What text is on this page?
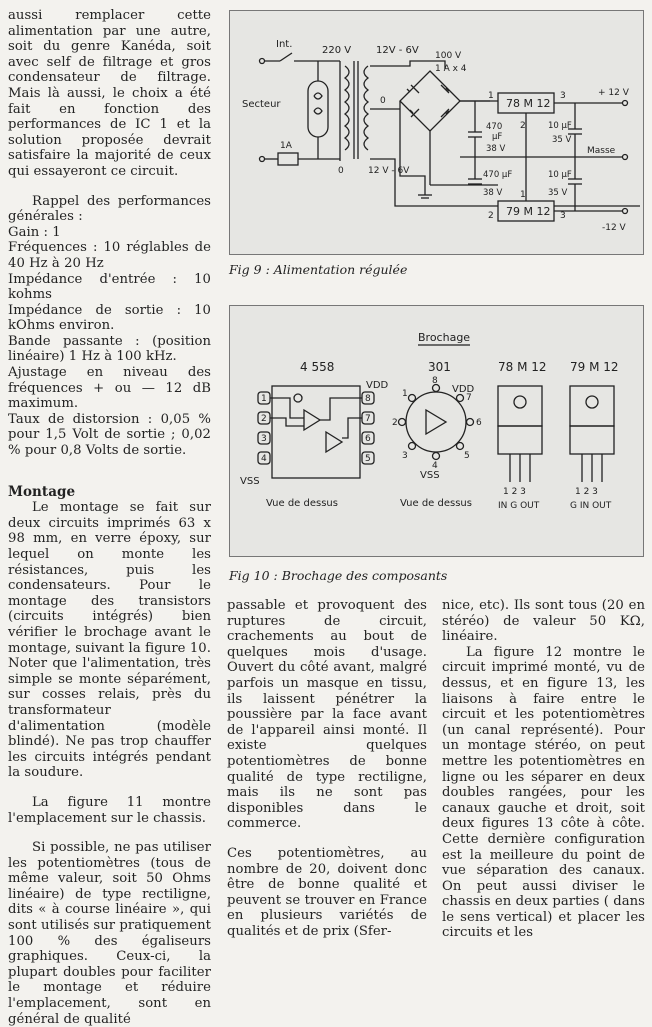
aussi remplacer cette alimentation par une autre, soit du genre Kanéda, soit avec self de filtrage et gros condensateur de filtrage. Mais là aussi, le choix a été fait en fonction des performances de IC 1 et la solution proposée devrait satisfaire la majorité de ceux qui essayeront ce circuit.

Rappel des performances générales :

Gain : 1

Fréquences : 10 réglables de 40 Hz à 20 Hz

Impédance d'entrée : 10 kohms

Impédance de sortie : 10 kOhms environ.

Bande passante : (position linéaire) 1 Hz à 100 kHz.

Ajustage en niveau des fréquences + ou — 12 dB maximum.

Taux de distorsion : 0,05 % pour 1,5 Volt de sortie ; 0,02 % pour 0,8 Volts de sortie.

Montage

Le montage se fait sur deux circuits imprimés 63 x 98 mm, en verre époxy, sur lequel on monte les résistances, puis les condensateurs. Pour le montage des transistors (circuits intégrés) bien vérifier le brochage avant le montage, suivant la figure 10. Noter que l'alimentation, très simple se monte séparément, sur cosses relais, près du transformateur d'alimentation (modèle blindé). Ne pas trop chauffer les circuits intégrés pendant la soudure.

La figure 11 montre l'emplacement sur le chassis.

Si possible, ne pas utiliser les potentiomètres (tous de même valeur, soit 50 Ohms linéaire) de type rectiligne, dits « à course linéaire », qui sont utilisés sur pratiquement 100 % des égaliseurs graphiques. Ceux-ci, la plupart doubles pour faciliter le montage et réduire l'emplacement, sont en général de qualité

Int.
1A
Secteur
220 V 12V - 6V
0
0
12 V - 6V
100 V
1 A x 4
78 M 12
79 M 12
1
2
3
1
2	3
+ 12 V
-12 V
Masse
470
μF
38 V
470 μF
38 V
10 μF
35 V
10 μF
35 V
Fig 9 : Alimentation régulée
Brochage
4 558
VDD
VSS
1
2
3
4
8
7
6
5
Vue de dessus
301
8
7
6
5
4
3
2
1	VDD
VSS
Vue de dessus
78 M 12
1 2 3
IN G OUT
79 M 12
1 2 3
G IN OUT
Fig 10 : Brochage des composants

passable et provoquent des ruptures de circuit, crachements au bout de quelques mois d'usage. Ouvert du côté avant, malgré parfois un masque en tissu, ils laissent pénétrer la poussière par la face avant de l'appareil ainsi monté. Il existe quelques potentiomètres de bonne qualité de type rectiligne, mais ils ne sont pas disponibles dans le commerce.

Ces potentiomètres, au nombre de 20, doivent donc être de bonne qualité et peuvent se trouver en France en plusieurs variétés de qualités et de prix (Sfer-

nice, etc). Ils sont tous (20 en stéréo) de valeur 50 KΩ, linéaire.

La figure 12 montre le circuit imprimé monté, vu de dessus, et en figure 13, les liaisons à faire entre le circuit et les potentiomètres (un canal représenté). Pour un montage stéréo, on peut mettre les potentiomètres en ligne ou les séparer en deux doubles rangées, pour les canaux gauche et droit, soit deux figures 13 côte à côte. Cette dernière configuration est la meilleure du point de vue séparation des canaux. On peut aussi diviser le chassis en deux parties ( dans le sens vertical) et placer les circuits et les
